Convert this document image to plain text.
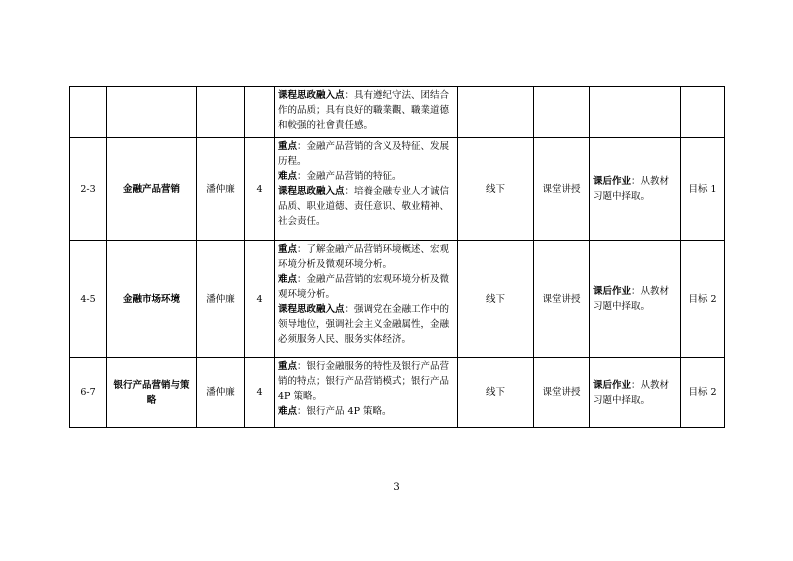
				课程思政融入点：具有遵纪守法、团结合作的品质；具有良好的職業觀、職業道德和較强的社會責任感。				

2-3	金融产品营销	潘仲廉	4	重点：金融产品营销的含义及特征、发展历程。
难点：金融产品营销的特征。
课程思政融入点：培養金融专业人才诚信品质、职业道德、责任意识、敬业精神、社会责任。	线下	课堂讲授	课后作业：从教材习题中择取。	目标 1
4-5	金融市场环境	潘仲廉	4	重点：了解金融产品营销环境概述、宏观环境分析及微观环境分析。
难点：金融产品营销的宏观环境分析及微观环境分析。
课程思政融入点：强调党在金融工作中的领导地位，强调社会主义金融属性，金融必须服务人民、服务实体经济。	线下	课堂讲授	课后作业：从教材习题中择取。	目标 2
6-7	银行产品营销与策略	潘仲廉	4	重点：银行金融服务的特性及银行产品营销的特点；银行产品营销模式；银行产品 4P 策略。
难点：银行产品 4P 策略。	线下	课堂讲授	课后作业：从教材习题中择取。	目标 2
3
